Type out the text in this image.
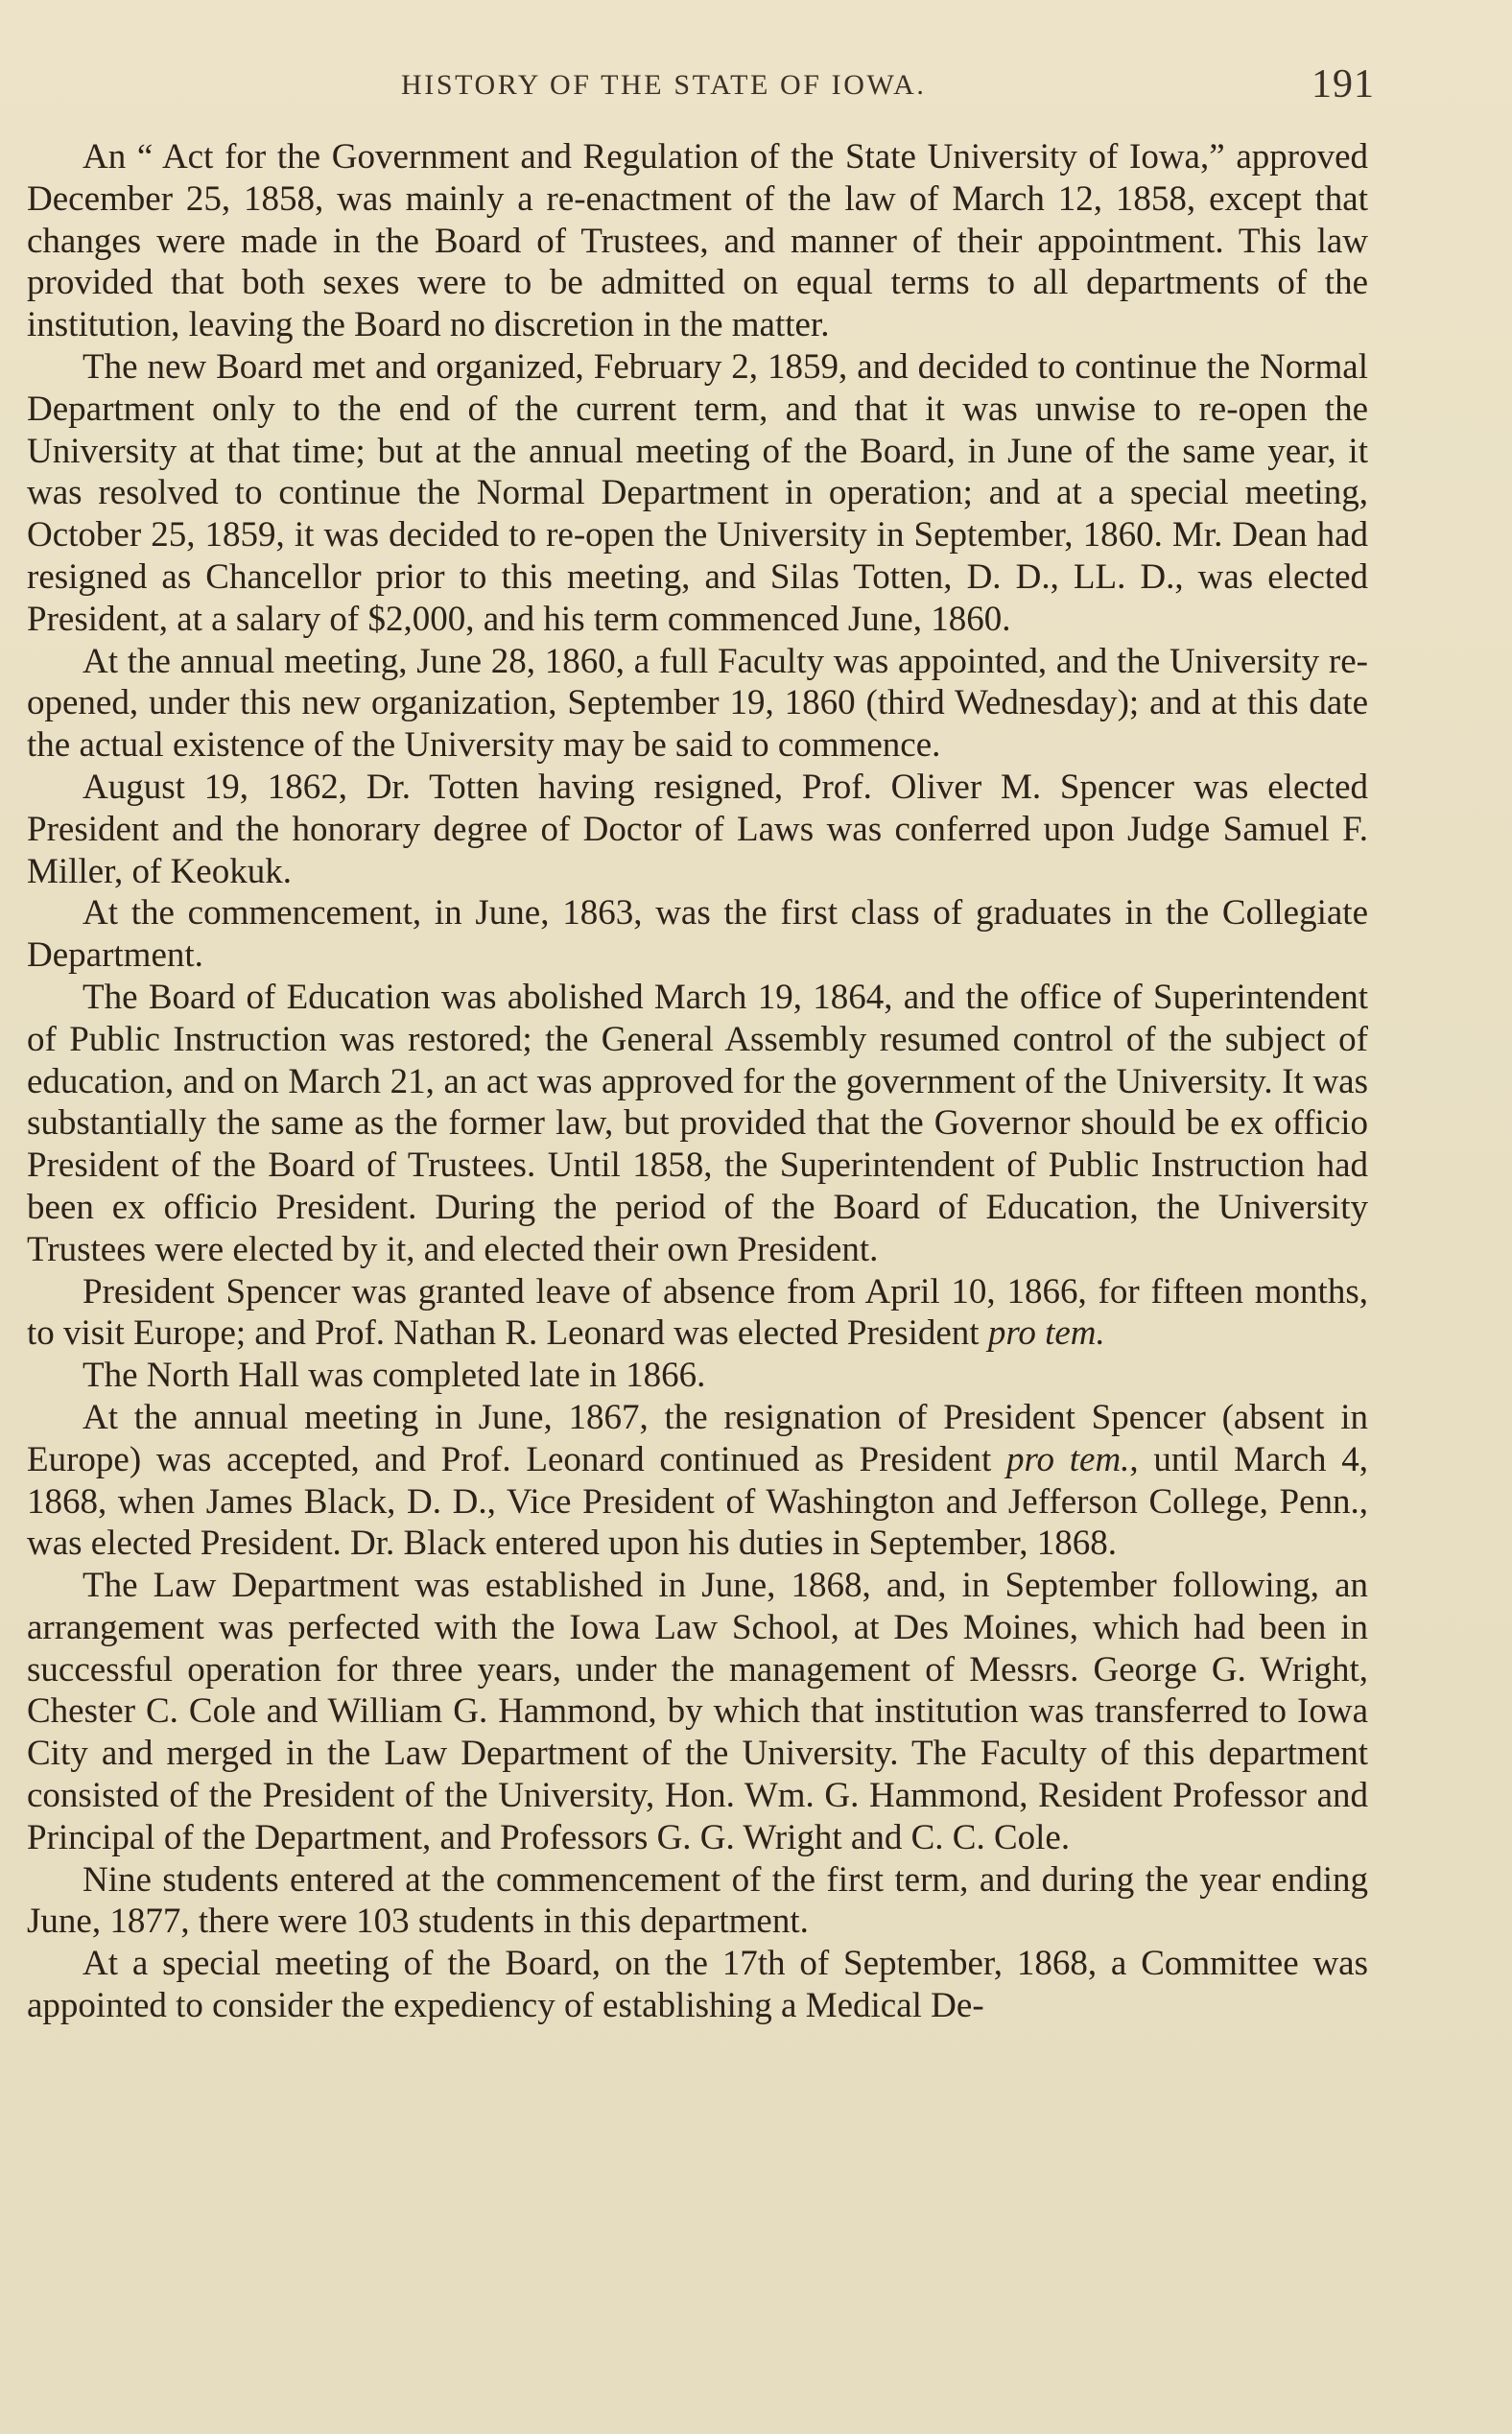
HISTORY OF THE STATE OF IOWA.	191

An “ Act for the Government and Regulation of the State University of Iowa,” approved December 25, 1858, was mainly a re-enactment of the law of March 12, 1858, except that changes were made in the Board of Trustees, and manner of their appointment. This law provided that both sexes were to be admitted on equal terms to all departments of the institution, leaving the Board no discretion in the matter.

The new Board met and organized, February 2, 1859, and decided to continue the Normal Department only to the end of the current term, and that it was unwise to re-open the University at that time; but at the annual meeting of the Board, in June of the same year, it was resolved to continue the Normal Department in operation; and at a special meeting, October 25, 1859, it was decided to re-open the University in September, 1860. Mr. Dean had resigned as Chancellor prior to this meeting, and Silas Totten, D. D., LL. D., was elected President, at a salary of $2,000, and his term commenced June, 1860.

At the annual meeting, June 28, 1860, a full Faculty was appointed, and the University re-opened, under this new organization, September 19, 1860 (third Wednesday); and at this date the actual existence of the University may be said to commence.

August 19, 1862, Dr. Totten having resigned, Prof. Oliver M. Spencer was elected President and the honorary degree of Doctor of Laws was conferred upon Judge Samuel F. Miller, of Keokuk.

At the commencement, in June, 1863, was the first class of graduates in the Collegiate Department.

The Board of Education was abolished March 19, 1864, and the office of Superintendent of Public Instruction was restored; the General Assembly resumed control of the subject of education, and on March 21, an act was approved for the government of the University. It was substantially the same as the former law, but provided that the Governor should be ex officio President of the Board of Trustees. Until 1858, the Superintendent of Public Instruction had been ex officio President. During the period of the Board of Education, the University Trustees were elected by it, and elected their own President.

President Spencer was granted leave of absence from April 10, 1866, for fifteen months, to visit Europe; and Prof. Nathan R. Leonard was elected President pro tem.

The North Hall was completed late in 1866.

At the annual meeting in June, 1867, the resignation of President Spencer (absent in Europe) was accepted, and Prof. Leonard continued as President pro tem., until March 4, 1868, when James Black, D. D., Vice President of Washington and Jefferson College, Penn., was elected President. Dr. Black entered upon his duties in September, 1868.

The Law Department was established in June, 1868, and, in September following, an arrangement was perfected with the Iowa Law School, at Des Moines, which had been in successful operation for three years, under the management of Messrs. George G. Wright, Chester C. Cole and William G. Hammond, by which that institution was transferred to Iowa City and merged in the Law Department of the University. The Faculty of this department consisted of the President of the University, Hon. Wm. G. Hammond, Resident Professor and Principal of the Department, and Professors G. G. Wright and C. C. Cole.

Nine students entered at the commencement of the first term, and during the year ending June, 1877, there were 103 students in this department.

At a special meeting of the Board, on the 17th of September, 1868, a Committee was appointed to consider the expediency of establishing a Medical De-
